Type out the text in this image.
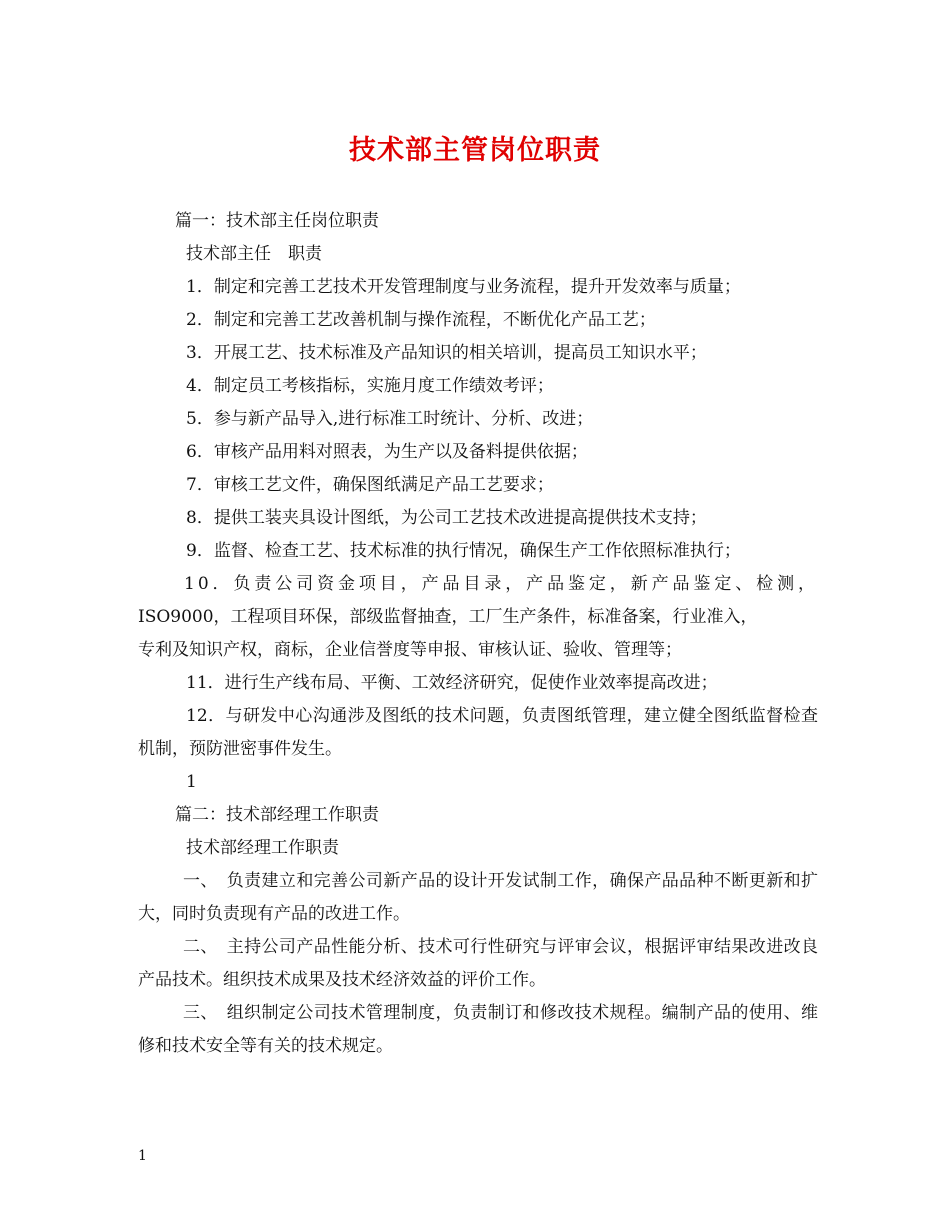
技术部主管岗位职责
篇一：技术部主任岗位职责
技术部主任　职责
1．制定和完善工艺技术开发管理制度与业务流程，提升开发效率与质量；
2．制定和完善工艺改善机制与操作流程，不断优化产品工艺；
3．开展工艺、技术标准及产品知识的相关培训，提高员工知识水平；
4．制定员工考核指标，实施月度工作绩效考评；
5．参与新产品导入,进行标准工时统计、分析、改进；
6．审核产品用料对照表，为生产以及备料提供依据；
7．审核工艺文件，确保图纸满足产品工艺要求；
8．提供工装夹具设计图纸，为公司工艺技术改进提高提供技术支持；
9．监督、检查工艺、技术标准的执行情况，确保生产工作依照标准执行；
10．负责公司资金项目，产品目录，产品鉴定，新产品鉴定、检测，
ISO9000，工程项目环保，部级监督抽查，工厂生产条件，标准备案，行业准入，
专利及知识产权，商标，企业信誉度等申报、审核认证、验收、管理等；
11．进行生产线布局、平衡、工效经济研究，促使作业效率提高改进；

12．与研发中心沟通涉及图纸的技术问题，负责图纸管理，建立健全图纸监督检查机制，预防泄密事件发生。

1
篇二：技术部经理工作职责
技术部经理工作职责

一、　负责建立和完善公司新产品的设计开发试制工作，确保产品品种不断更新和扩大，同时负责现有产品的改进工作。

二、　主持公司产品性能分析、技术可行性研究与评审会议，根据评审结果改进改良产品技术。组织技术成果及技术经济效益的评价工作。

三、　组织制定公司技术管理制度，负责制订和修改技术规程。编制产品的使用、维修和技术安全等有关的技术规定。

1
